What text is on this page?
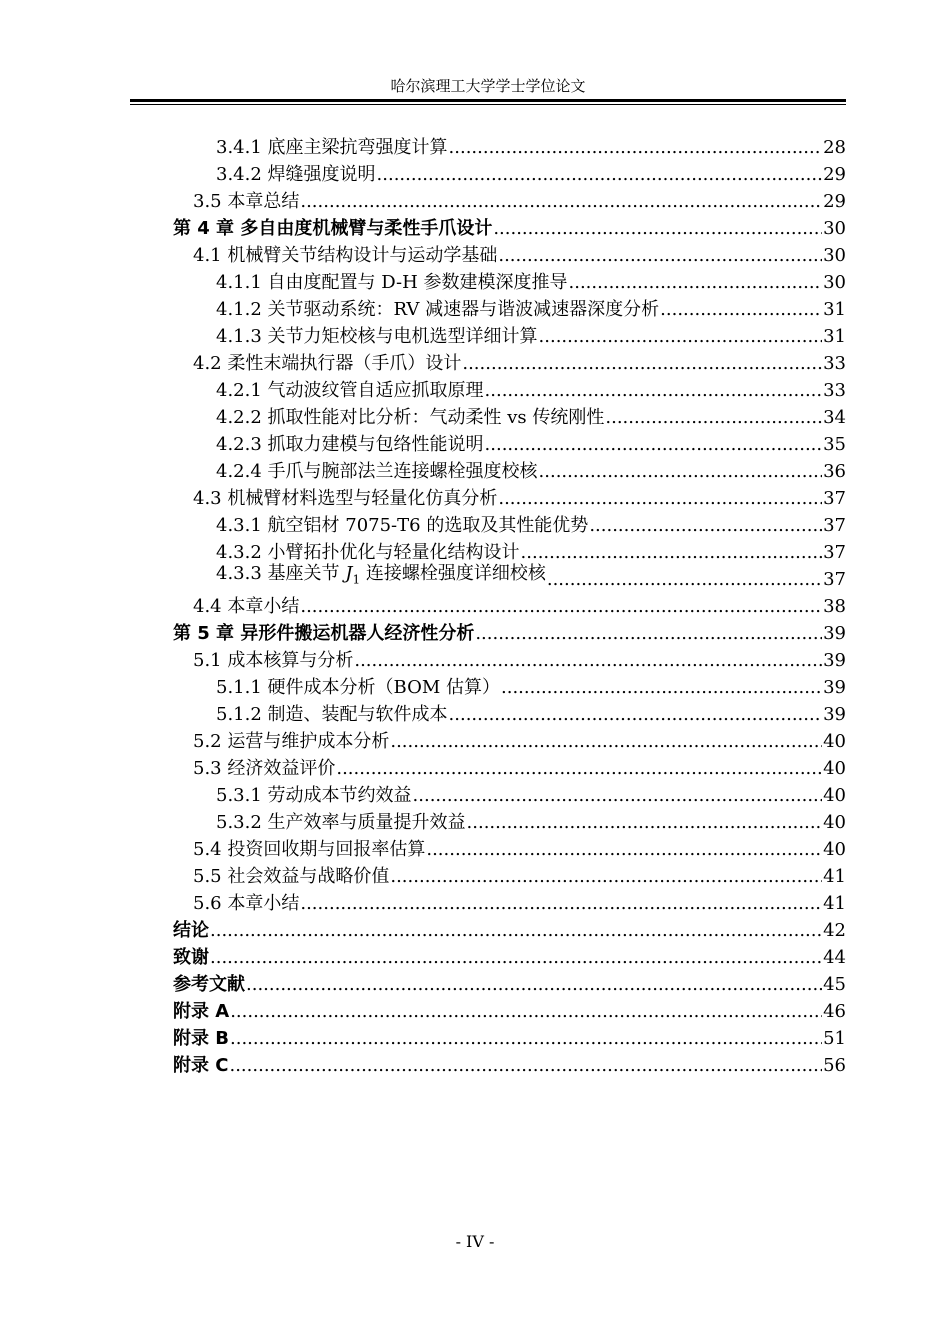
哈尔滨理工大学学士学位论文
3.4.1 底座主梁抗弯强度计算 .....	28
3.4.2 焊缝强度说明 .....	29
3.5 本章总结 .....	29
第 4 章 多自由度机械臂与柔性手爪设计 .....	30
4.1 机械臂关节结构设计与运动学基础 .....	30
4.1.1 自由度配置与 D-H 参数建模深度推导 .....	30
4.1.2 关节驱动系统：RV 减速器与谐波减速器深度分析 .....	31
4.1.3 关节力矩校核与电机选型详细计算 .....	31
4.2 柔性末端执行器（手爪）设计 .....	33
4.2.1 气动波纹管自适应抓取原理 .....	33
4.2.2 抓取性能对比分析：气动柔性 vs 传统刚性 .....	34
4.2.3 抓取力建模与包络性能说明 .....	35
4.2.4 手爪与腕部法兰连接螺栓强度校核 .....	36
4.3 机械臂材料选型与轻量化仿真分析 .....	37
4.3.1 航空铝材 7075-T6 的选取及其性能优势 .....	37
4.3.2 小臂拓扑优化与轻量化结构设计 .....	37
4.3.3 基座关节 $J_1$ 连接螺栓强度详细校核 .....	37
4.4 本章小结 .....	38
第 5 章 异形件搬运机器人经济性分析 .....	39
5.1 成本核算与分析 .....	39
5.1.1 硬件成本分析（BOM 估算） .....	39
5.1.2 制造、装配与软件成本 .....	39
5.2 运营与维护成本分析 .....	40
5.3 经济效益评价 .....	40
5.3.1 劳动成本节约效益 .....	40
5.3.2 生产效率与质量提升效益 .....	40
5.4 投资回收期与回报率估算 .....	40
5.5 社会效益与战略价值 .....	41
5.6 本章小结 .....	41
结论 .....	42
致谢 .....	44
参考文献 .....	45
附录 A .....	46
附录 B .....	51
附录 C .....	56
- IV -
